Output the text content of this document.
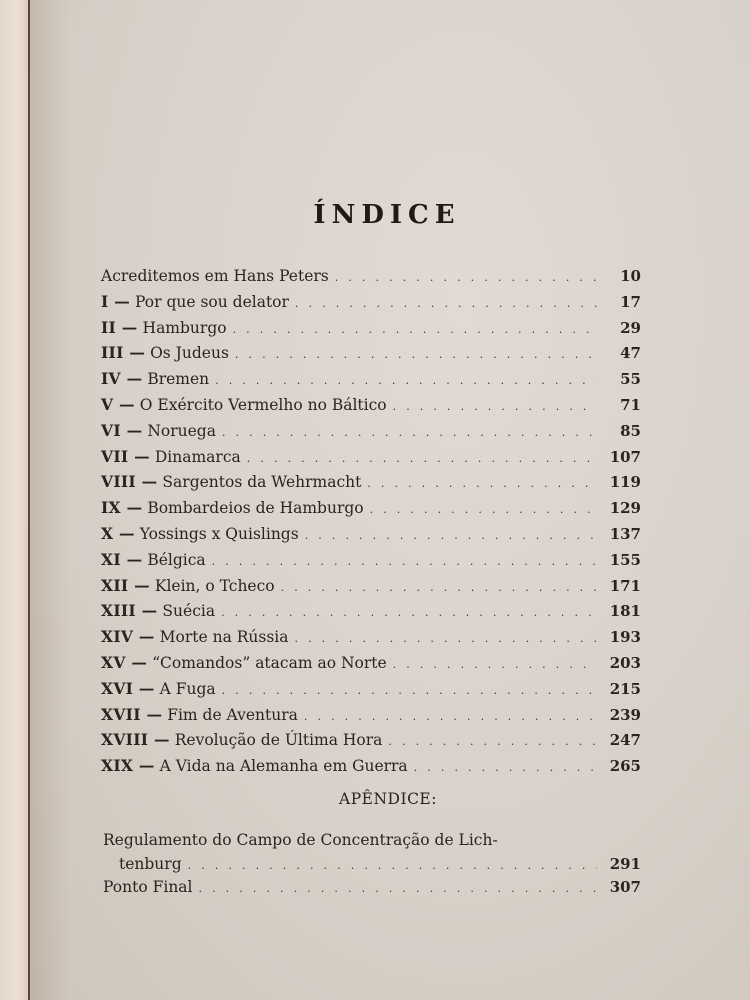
ÍNDICE
Acreditemos em Hans Peters . . .	10
I — Por que sou delator . . .	17
II — Hamburgo . . .	29
III — Os Judeus . . .	47
IV — Bremen . . .	55
V — O Exército Vermelho no Báltico . . .	71
VI — Noruega . . .	85
VII — Dinamarca . . .	107
VIII — Sargentos da Wehrmacht . . .	119
IX — Bombardeios de Hamburgo . . .	129
X — Yossings x Quislings . . .	137
XI — Bélgica . . .	155
XII — Klein, o Tcheco . . .	171
XIII — Suécia . . .	181
XIV — Morte na Rússia . . .	193
XV — “Comandos” atacam ao Norte . . .	203
XVI — A Fuga . . .	215
XVII — Fim de Aventura . . .	239
XVIII — Revolução de Última Hora . . .	247
XIX — A Vida na Alemanha em Guerra . . .	265
APÊNDICE:
Regulamento do Campo de Concentração de Lich-
tenburg . . .	291
Ponto Final . . .	307
